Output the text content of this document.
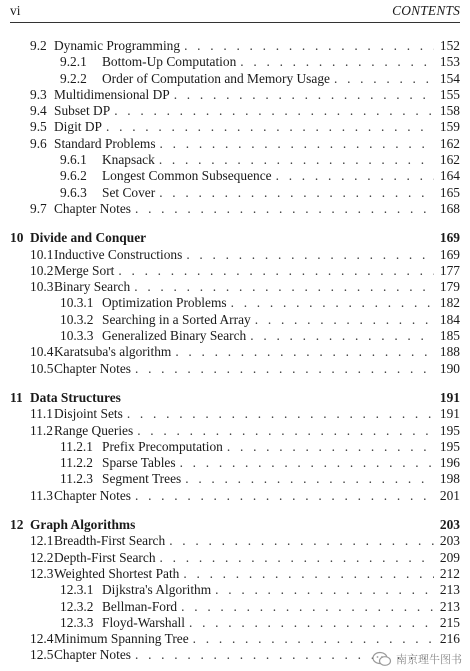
vi	CONTENTS
9.2 Dynamic Programming . . .	152
9.2.1	Bottom-Up Computation . . .	153
9.2.2	Order of Computation and Memory Usage . . .	154
9.3 Multidimensional DP . . .	155
9.4 Subset DP . . .	158
9.5 Digit DP . . .	159
9.6 Standard Problems . . .	162
9.6.1	Knapsack . . .	162
9.6.2	Longest Common Subsequence . . .	164
9.6.3	Set Cover . . .	165
9.7 Chapter Notes . . .	168
10 Divide and Conquer	169
10.1 Inductive Constructions . . .	169
10.2 Merge Sort . . .	177
10.3 Binary Search . . .	179
10.3.1 Optimization Problems . . .	182
10.3.2 Searching in a Sorted Array . . .	184
10.3.3 Generalized Binary Search . . .	185
10.4 Karatsuba's algorithm . . .	188
10.5 Chapter Notes . . .	190
11 Data Structures	191
11.1 Disjoint Sets . . .	191
11.2 Range Queries . . .	195
11.2.1 Prefix Precomputation . . .	195
11.2.2 Sparse Tables . . .	196
11.2.3 Segment Trees . . .	198
11.3 Chapter Notes . . .	201
12 Graph Algorithms	203
12.1 Breadth-First Search . . .	203
12.2 Depth-First Search . . .	209
12.3 Weighted Shortest Path . . .	212
12.3.1 Dijkstra's Algorithm . . .	213
12.3.2 Bellman-Ford . . .	213
12.3.3 Floyd-Warshall . . .	215
12.4 Minimum Spanning Tree . . .	216
12.5 Chapter Notes . . .	南京理牛图书
